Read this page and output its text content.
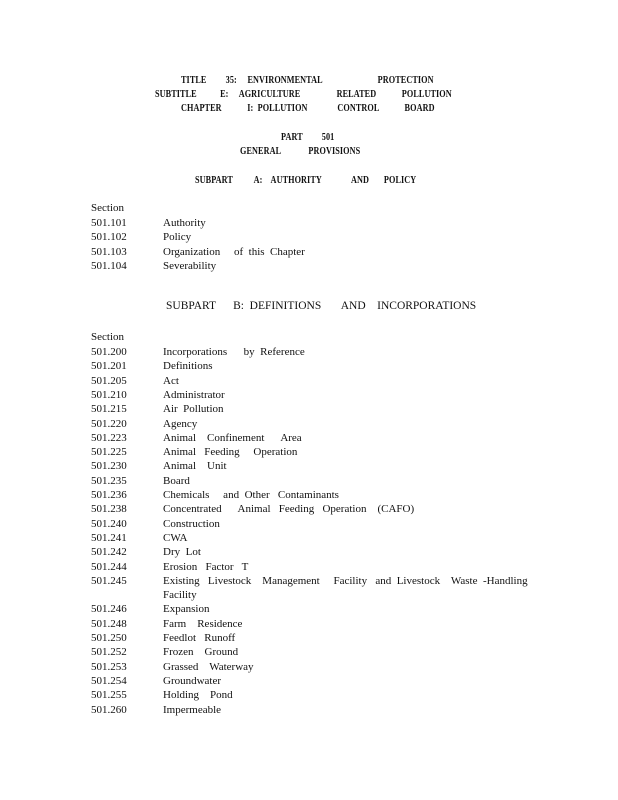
TITLE         35:     ENVIRONMENTAL                          PROTECTION
SUBTITLE           E:     AGRICULTURE                 RELATED            POLLUTION
CHAPTER            I:  POLLUTION              CONTROL            BOARD
PART         501
GENERAL             PROVISIONS
SUBPART          A:    AUTHORITY              AND       POLICY
Section
501.101	Authority
501.102	Policy
501.103	Organization     of  this  Chapter
501.104	Severability
SUBPART      B:  DEFINITIONS       AND    INCORPORATIONS
Section
501.200	Incorporations      by  Reference
501.201	Definitions
501.205	Act
501.210	Administrator
501.215	Air  Pollution
501.220	Agency
501.223	Animal    Confinement      Area
501.225	Animal   Feeding     Operation
501.230	Animal    Unit
501.235	Board
501.236	Chemicals     and  Other   Contaminants
501.238	Concentrated      Animal   Feeding   Operation    (CAFO)
501.240	Construction
501.241	CWA
501.242	Dry  Lot
501.244	Erosion   Factor   T
501.245	Existing   Livestock    Management     Facility   and  Livestock    Waste  -Handling
Facility
501.246	Expansion
501.248	Farm    Residence
501.250	Feedlot   Runoff
501.252	Frozen    Ground
501.253	Grassed    Waterway
501.254	Groundwater
501.255	Holding    Pond
501.260	Impermeable
